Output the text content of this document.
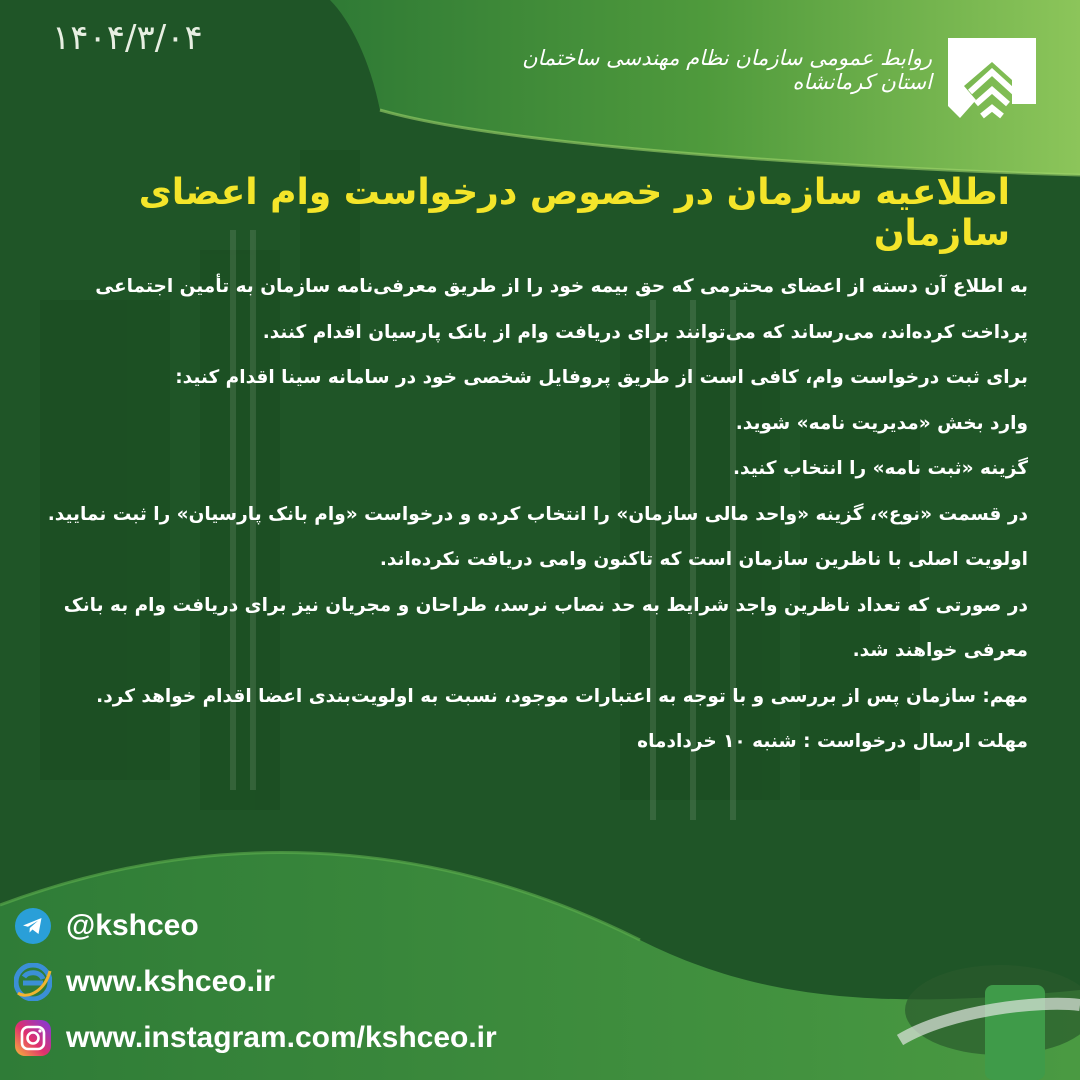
۱۴۰۴/۳/۰۴	روابط عمومی سازمان نظام مهندسی ساختمان استان کرمانشاه
اطلاعیه سازمان در خصوص درخواست وام اعضای سازمان

به اطلاع آن دسته از اعضای محترمی که حق بیمه خود را از طریق معرفی‌نامه سازمان به تأمین اجتماعی پرداخت کرده‌اند، می‌رساند که می‌توانند برای دریافت وام از بانک پارسیان اقدام کنند.

برای ثبت درخواست وام، کافی است از طریق پروفایل شخصی خود در سامانه سینا اقدام کنید:

وارد بخش «مدیریت نامه» شوید.

گزینه «ثبت نامه» را انتخاب کنید.

در قسمت «نوع»، گزینه «واحد مالی سازمان» را انتخاب کرده و درخواست «وام بانک پارسیان» را ثبت نمایید.

اولویت اصلی با ناظرین سازمان است که تاکنون وامی دریافت نکرده‌اند.

در صورتی که تعداد ناظرین واجد شرایط به حد نصاب نرسد، طراحان و مجریان نیز برای دریافت وام به بانک معرفی خواهند شد.

مهم: سازمان پس از بررسی و با توجه به اعتبارات موجود، نسبت به اولویت‌بندی اعضا اقدام خواهد کرد.

مهلت ارسال درخواست : شنبه ۱۰ خردادماه

@kshceo
www.kshceo.ir
www.instagram.com/kshceo.ir
